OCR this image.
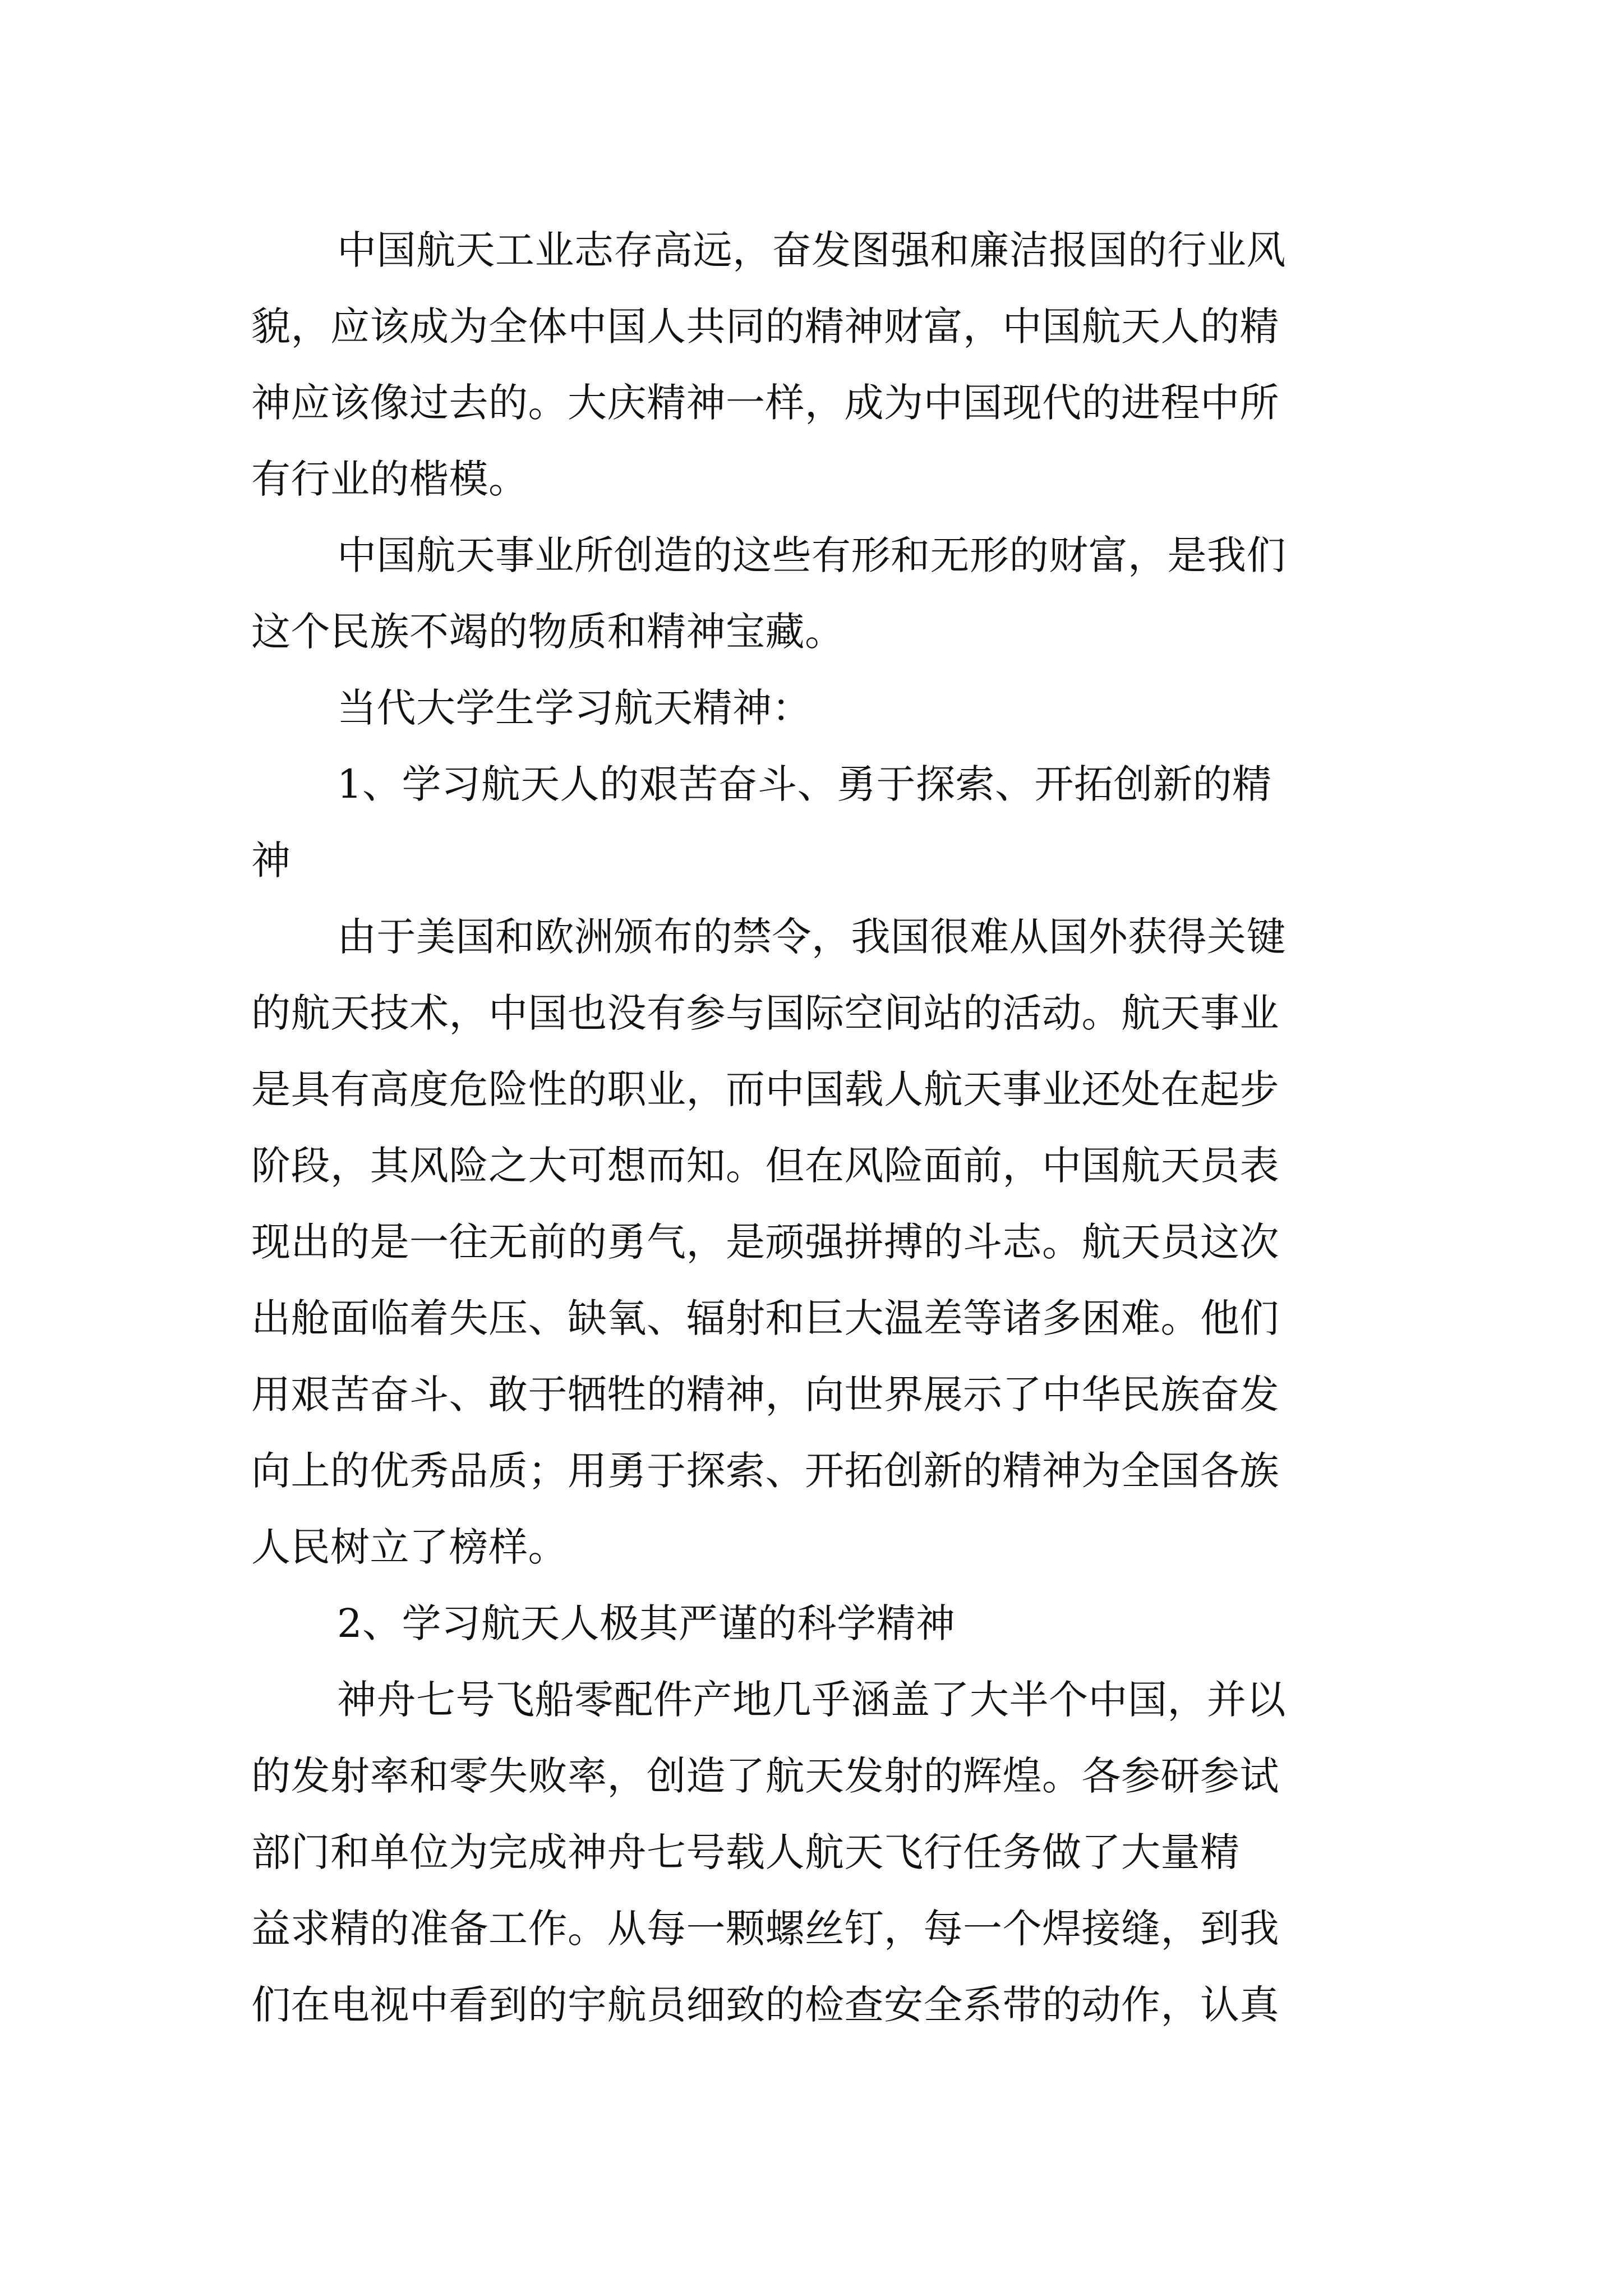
中国航天工业志存高远，奋发图强和廉洁报国的行业风
貌，应该成为全体中国人共同的精神财富，中国航天人的精
神应该像过去的。大庆精神一样，成为中国现代的进程中所
有行业的楷模。

中国航天事业所创造的这些有形和无形的财富，是我们
这个民族不竭的物质和精神宝藏。

当代大学生学习航天精神：

1、学习航天人的艰苦奋斗、勇于探索、开拓创新的精
神

由于美国和欧洲颁布的禁令，我国很难从国外获得关键
的航天技术，中国也没有参与国际空间站的活动。航天事业
是具有高度危险性的职业，而中国载人航天事业还处在起步
阶段，其风险之大可想而知。但在风险面前，中国航天员表
现出的是一往无前的勇气，是顽强拼搏的斗志。航天员这次
出舱面临着失压、缺氧、辐射和巨大温差等诸多困难。他们
用艰苦奋斗、敢于牺牲的精神，向世界展示了中华民族奋发
向上的优秀品质；用勇于探索、开拓创新的精神为全国各族
人民树立了榜样。

2、学习航天人极其严谨的科学精神

神舟七号飞船零配件产地几乎涵盖了大半个中国，并以
的发射率和零失败率，创造了航天发射的辉煌。各参研参试
部门和单位为完成神舟七号载人航天飞行任务做了大量精
益求精的准备工作。从每一颗螺丝钉，每一个焊接缝，到我
们在电视中看到的宇航员细致的检查安全系带的动作，认真
